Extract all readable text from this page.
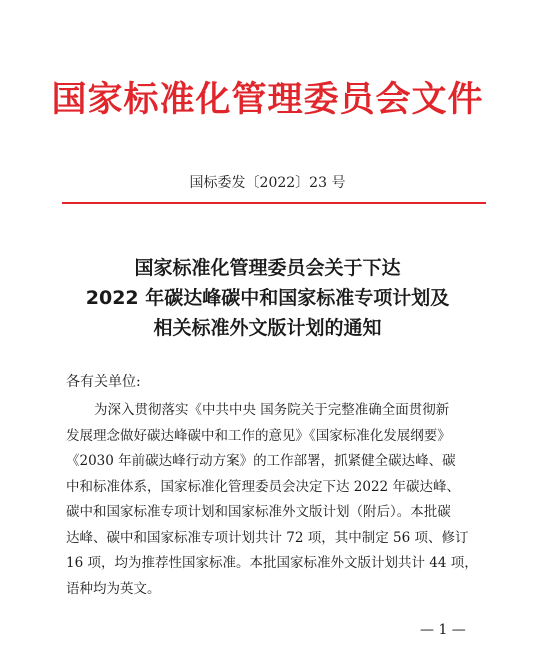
国家标准化管理委员会文件
国标委发〔2022〕23 号
国家标准化管理委员会关于下达
2022 年碳达峰碳中和国家标准专项计划及
相关标准外文版计划的通知
各有关单位:
为深入贯彻落实《中共中央 国务院关于完整准确全面贯彻新
发展理念做好碳达峰碳中和工作的意见》《国家标准化发展纲要》
《2030 年前碳达峰行动方案》的工作部署，抓紧健全碳达峰、碳
中和标准体系，国家标准化管理委员会决定下达 2022 年碳达峰、
碳中和国家标准专项计划和国家标准外文版计划（附后）。本批碳
达峰、碳中和国家标准专项计划共计 72 项，其中制定 56 项、修订
16 项，均为推荐性国家标准。本批国家标准外文版计划共计 44 项，
语种均为英文。
— 1 —
